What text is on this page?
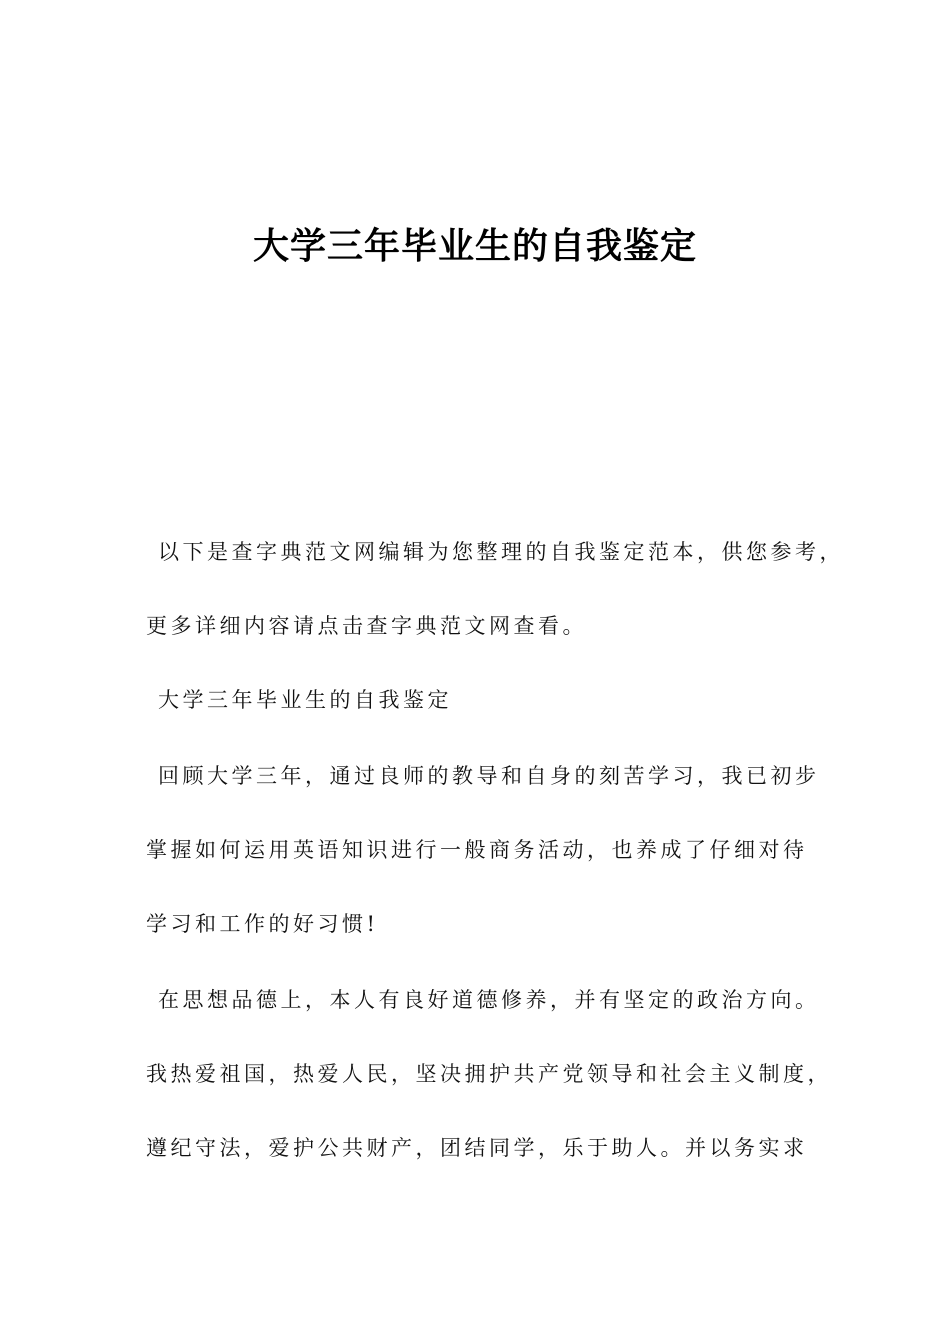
大学三年毕业生的自我鉴定
以下是查字典范文网编辑为您整理的自我鉴定范本，供您参考，
更多详细内容请点击查字典范文网查看。
大学三年毕业生的自我鉴定
回顾大学三年，通过良师的教导和自身的刻苦学习，我已初步
掌握如何运用英语知识进行一般商务活动，也养成了仔细对待
学习和工作的好习惯!
在思想品德上，本人有良好道德修养，并有坚定的政治方向。
我热爱祖国，热爱人民，坚决拥护共产党领导和社会主义制度，
遵纪守法，爱护公共财产，团结同学，乐于助人。并以务实求
